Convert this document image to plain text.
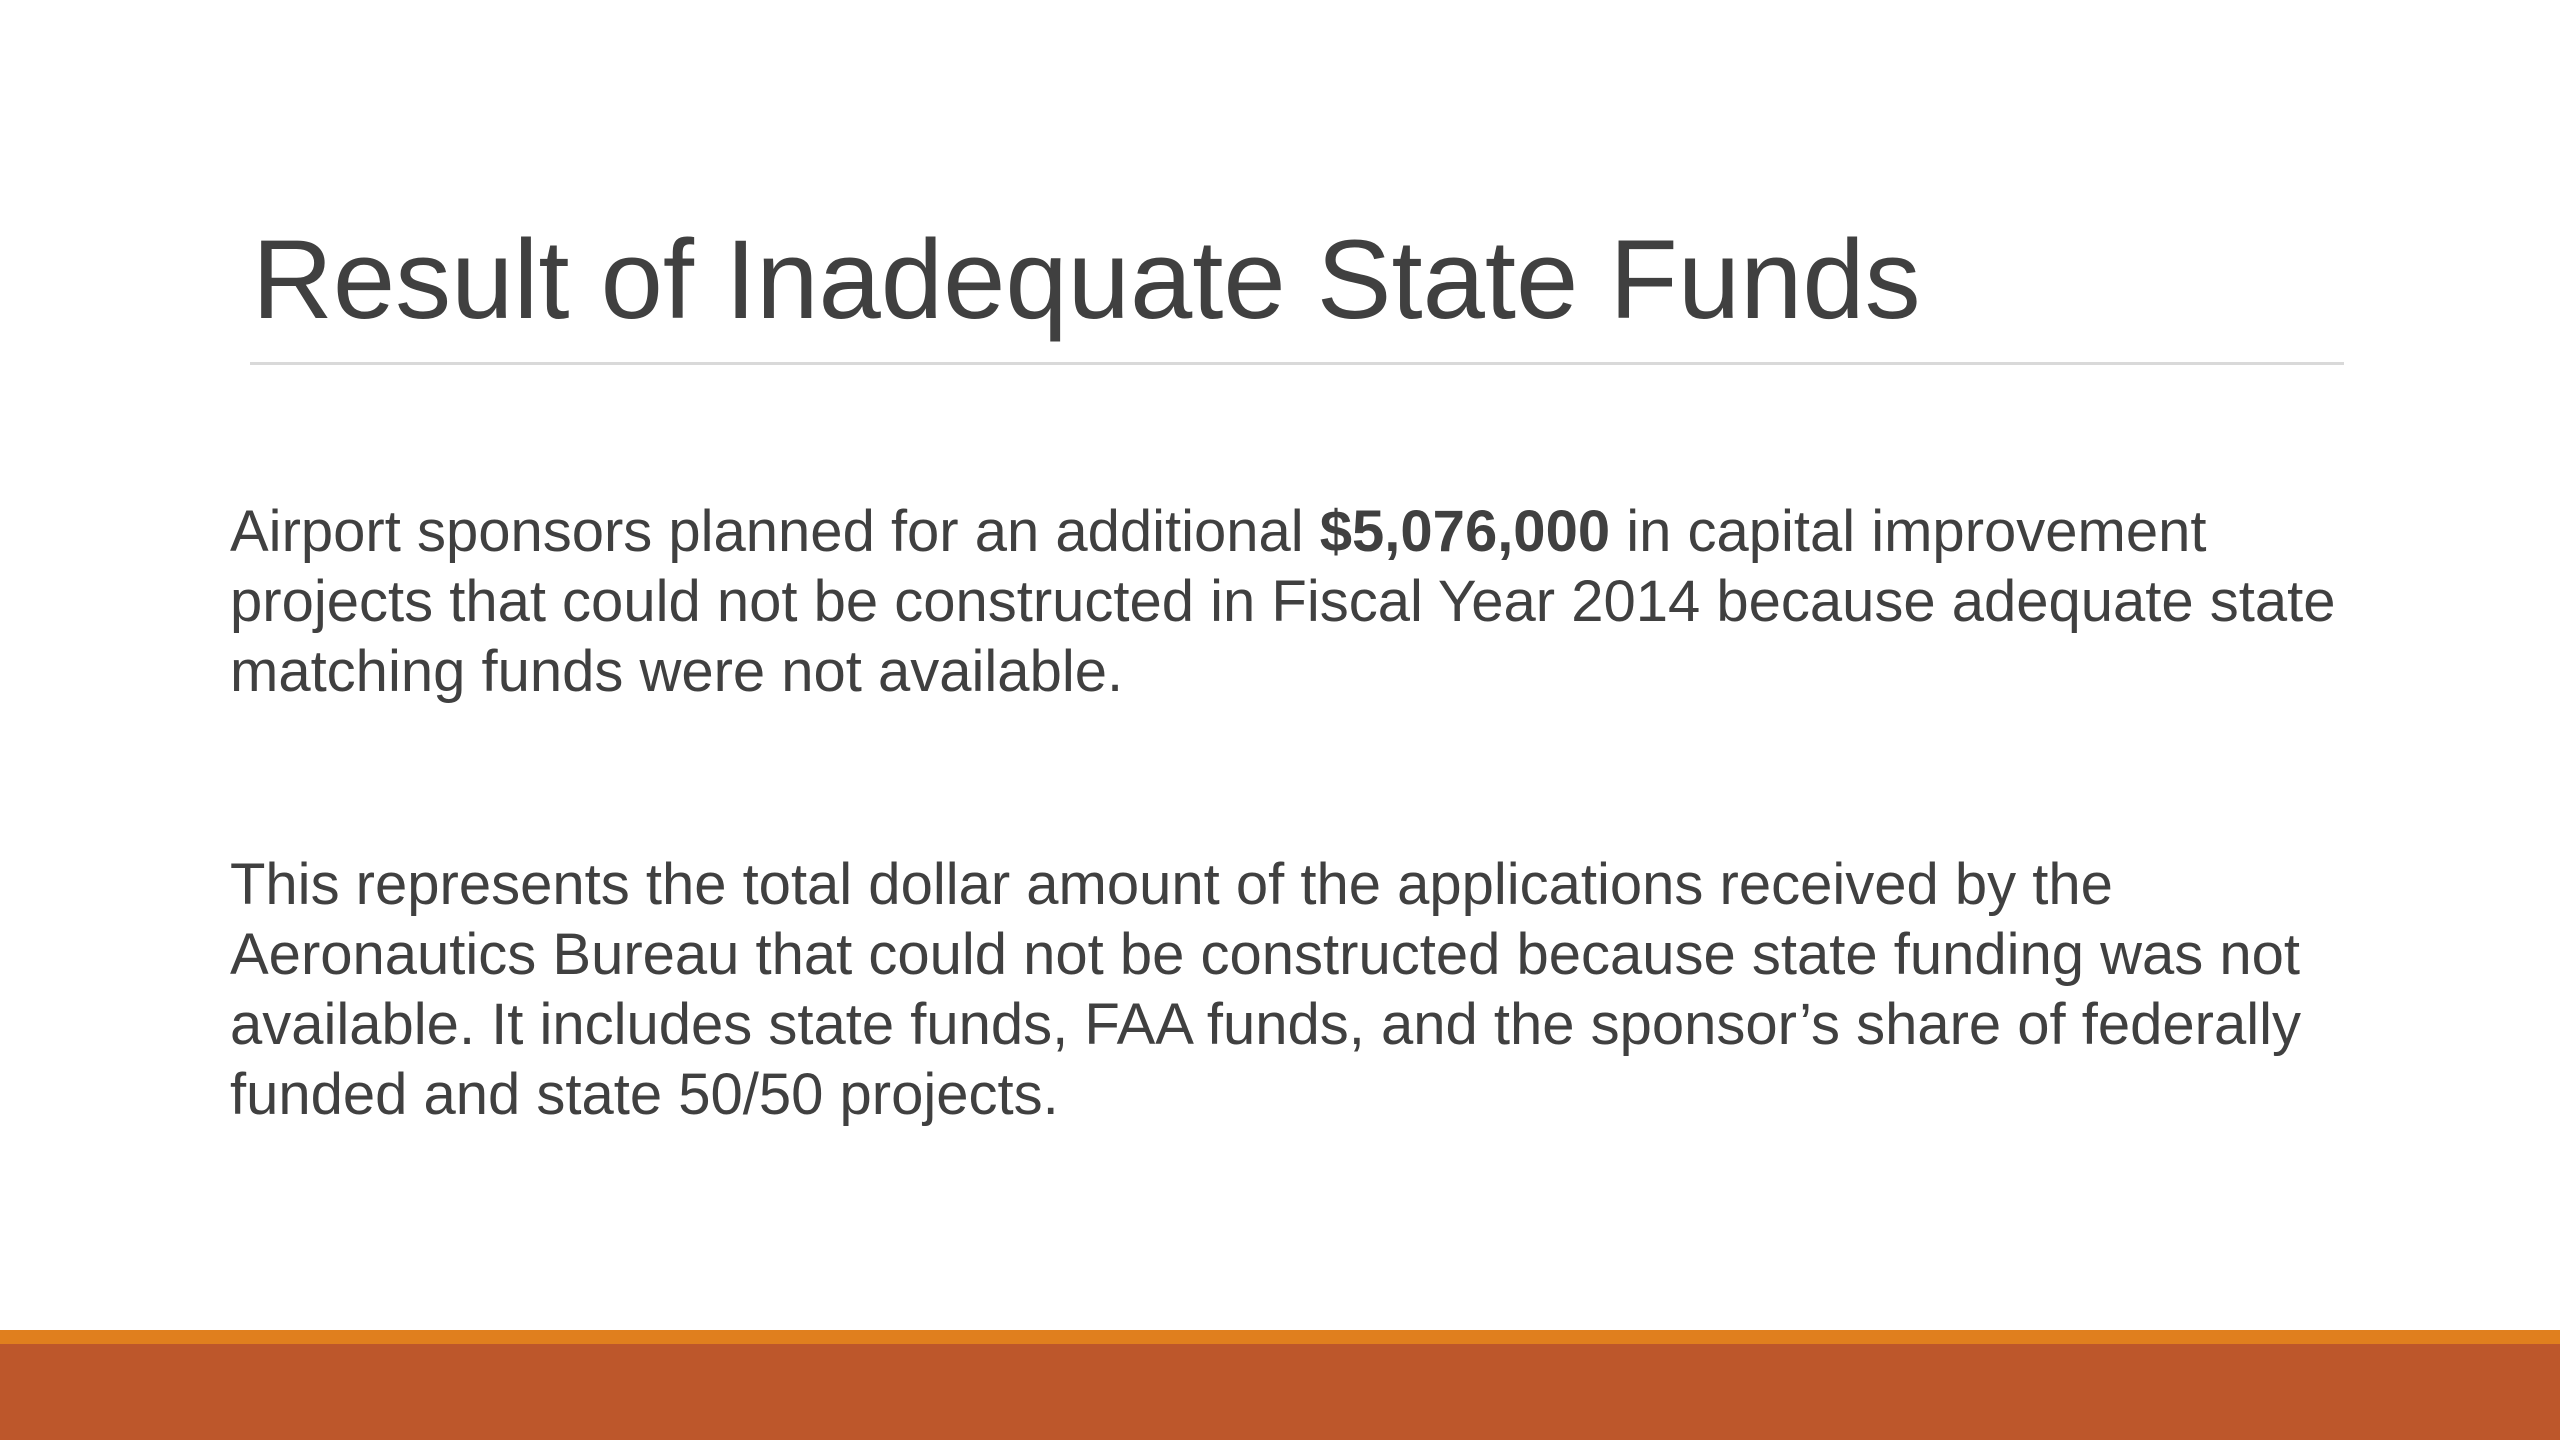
Result of Inadequate State Funds

Airport sponsors planned for an additional $5,076,000 in capital improvement projects that could not be constructed in Fiscal Year 2014 because adequate state matching funds were not available.

This represents the total dollar amount of the applications received by the Aeronautics Bureau that could not be constructed because state funding was not available. It includes state funds, FAA funds, and the sponsor’s share of federally funded and state 50/50 projects.
